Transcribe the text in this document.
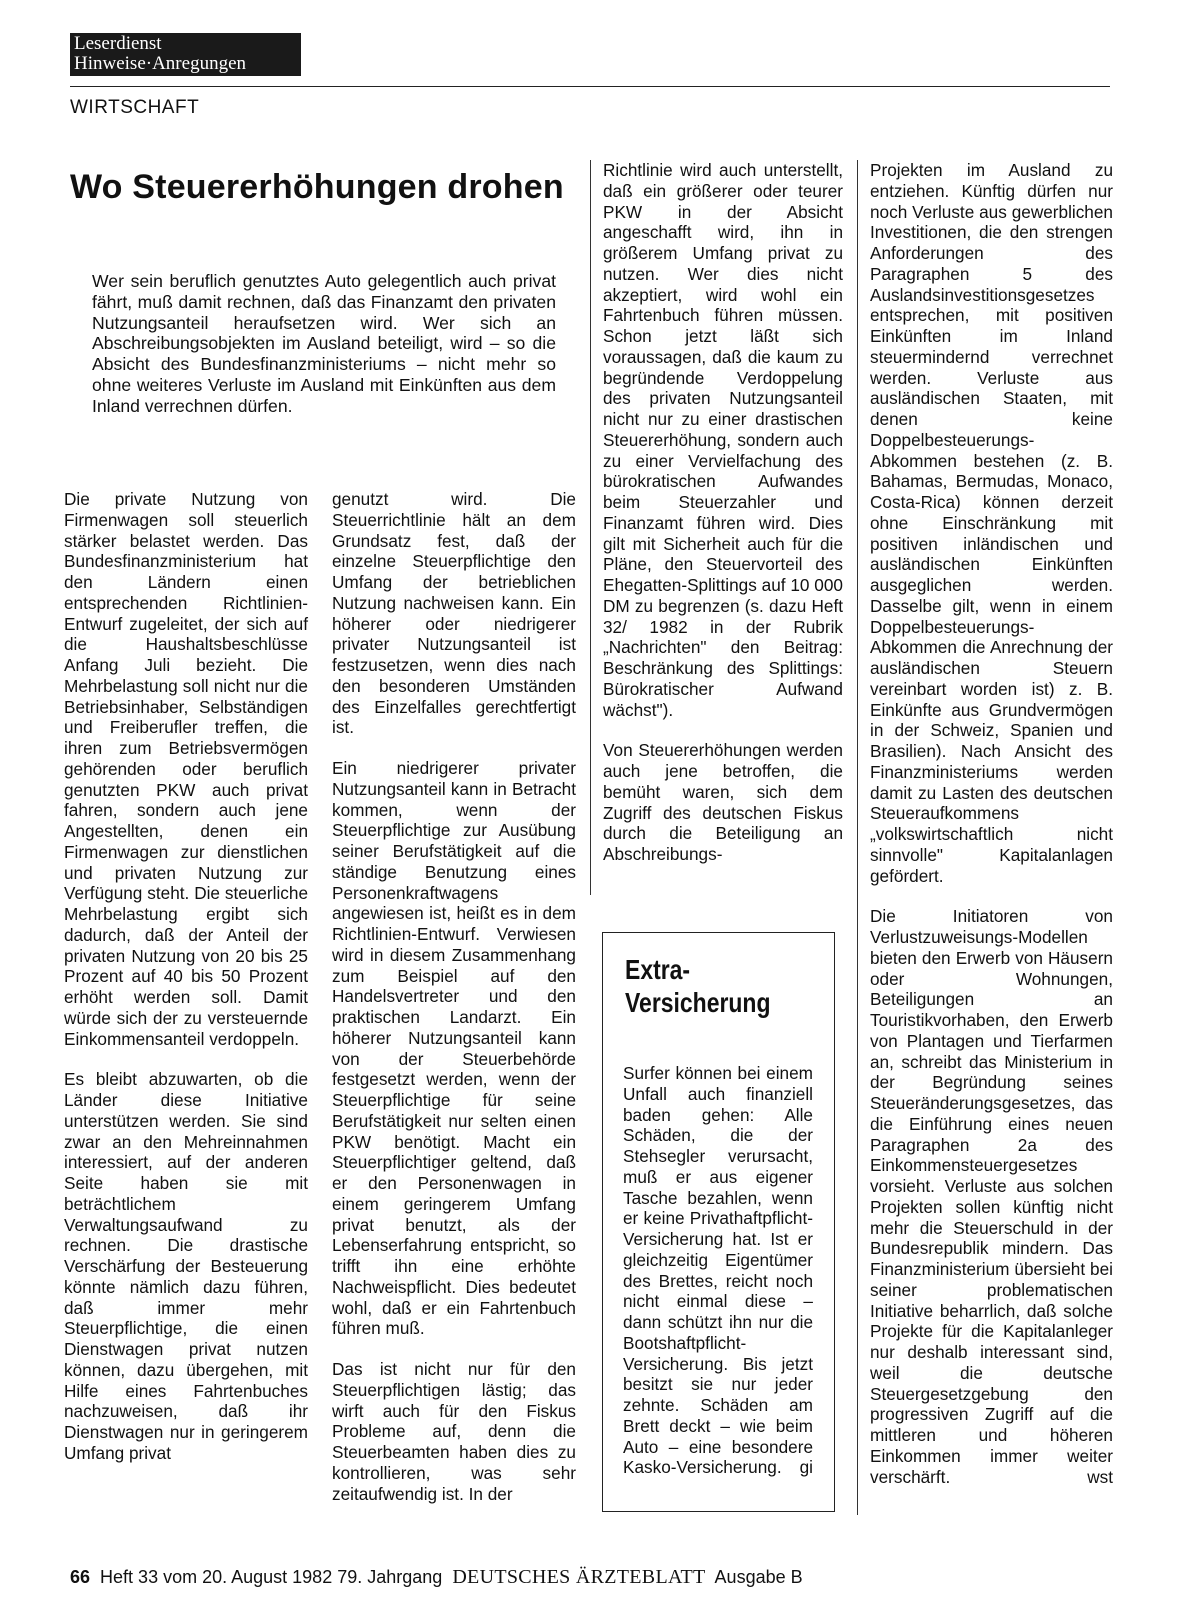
Leserdienst
Hinweise·Anregungen
WIRTSCHAFT
Wo Steuererhöhungen drohen
Wer sein beruflich genutztes Auto gelegentlich auch privat fährt, muß damit rechnen, daß das Finanzamt den privaten Nutzungsanteil heraufsetzen wird. Wer sich an Abschreibungsobjekten im Ausland beteiligt, wird – so die Absicht des Bundesfinanzministeriums – nicht mehr so ohne weiteres Verluste im Ausland mit Einkünften aus dem Inland verrechnen dürfen.

Die private Nutzung von Firmenwagen soll steuerlich stärker belastet werden. Das Bundesfinanzministerium hat den Ländern einen entsprechenden Richtlinien-Entwurf zugeleitet, der sich auf die Haushaltsbeschlüsse Anfang Juli bezieht. Die Mehrbelastung soll nicht nur die Betriebsinhaber, Selbständigen und Freiberufler treffen, die ihren zum Betriebsvermögen gehörenden oder beruflich genutzten PKW auch privat fahren, sondern auch jene Angestellten, denen ein Firmenwagen zur dienstlichen und privaten Nutzung zur Verfügung steht. Die steuerliche Mehrbelastung ergibt sich dadurch, daß der Anteil der privaten Nutzung von 20 bis 25 Prozent auf 40 bis 50 Prozent erhöht werden soll. Damit würde sich der zu versteuernde Einkommensanteil verdoppeln.

Es bleibt abzuwarten, ob die Länder diese Initiative unterstützen werden. Sie sind zwar an den Mehreinnahmen interessiert, auf der anderen Seite haben sie mit beträchtlichem Verwaltungsaufwand zu rechnen. Die drastische Verschärfung der Besteuerung könnte nämlich dazu führen, daß immer mehr Steuerpflichtige, die einen Dienstwagen privat nutzen können, dazu übergehen, mit Hilfe eines Fahrtenbuches nachzuweisen, daß ihr Dienstwagen nur in geringerem Umfang privat

genutzt wird. Die Steuerrichtlinie hält an dem Grundsatz fest, daß der einzelne Steuerpflichtige den Umfang der betrieblichen Nutzung nachweisen kann. Ein höherer oder niedrigerer privater Nutzungsanteil ist festzusetzen, wenn dies nach den besonderen Umständen des Einzelfalles gerechtfertigt ist.

Ein niedrigerer privater Nutzungsanteil kann in Betracht kommen, wenn der Steuerpflichtige zur Ausübung seiner Berufstätigkeit auf die ständige Benutzung eines Personenkraftwagens angewiesen ist, heißt es in dem Richtlinien-Entwurf. Verwiesen wird in diesem Zusammenhang zum Beispiel auf den Handelsvertreter und den praktischen Landarzt. Ein höherer Nutzungsanteil kann von der Steuerbehörde festgesetzt werden, wenn der Steuerpflichtige für seine Berufstätigkeit nur selten einen PKW benötigt. Macht ein Steuerpflichtiger geltend, daß er den Personenwagen in einem geringerem Umfang privat benutzt, als der Lebenserfahrung entspricht, so trifft ihn eine erhöhte Nachweispflicht. Dies bedeutet wohl, daß er ein Fahrtenbuch führen muß.

Das ist nicht nur für den Steuerpflichtigen lästig; das wirft auch für den Fiskus Probleme auf, denn die Steuerbeamten haben dies zu kontrollieren, was sehr zeitaufwendig ist. In der

Richtlinie wird auch unterstellt, daß ein größerer oder teurer PKW in der Absicht angeschafft wird, ihn in größerem Umfang privat zu nutzen. Wer dies nicht akzeptiert, wird wohl ein Fahrtenbuch führen müssen. Schon jetzt läßt sich voraussagen, daß die kaum zu begründende Verdoppelung des privaten Nutzungsanteil nicht nur zu einer drastischen Steuererhöhung, sondern auch zu einer Vervielfachung des bürokratischen Aufwandes beim Steuerzahler und Finanzamt führen wird. Dies gilt mit Sicherheit auch für die Pläne, den Steuervorteil des Ehegatten-Splittings auf 10 000 DM zu begrenzen (s. dazu Heft 32/ 1982 in der Rubrik „Nachrichten" den Beitrag: Beschränkung des Splittings: Bürokratischer Aufwand wächst").

Von Steuererhöhungen werden auch jene betroffen, die bemüht waren, sich dem Zugriff des deutschen Fiskus durch die Beteiligung an Abschreibungs-

Projekten im Ausland zu entziehen. Künftig dürfen nur noch Verluste aus gewerblichen Investitionen, die den strengen Anforderungen des Paragraphen 5 des Auslandsinvestitionsgesetzes entsprechen, mit positiven Einkünften im Inland steuermindernd verrechnet werden. Verluste aus ausländischen Staaten, mit denen keine Doppelbesteuerungs-Abkommen bestehen (z. B. Bahamas, Bermudas, Monaco, Costa-Rica) können derzeit ohne Einschränkung mit positiven inländischen und ausländischen Einkünften ausgeglichen werden. Dasselbe gilt, wenn in einem Doppelbesteuerungs-Abkommen die Anrechnung der ausländischen Steuern vereinbart worden ist) z. B. Einkünfte aus Grundvermögen in der Schweiz, Spanien und Brasilien). Nach Ansicht des Finanzministeriums werden damit zu Lasten des deutschen Steueraufkommens „volkswirtschaftlich nicht sinnvolle" Kapitalanlagen gefördert.

Die Initiatoren von Verlustzuweisungs-Modellen bieten den Erwerb von Häusern oder Wohnungen, Beteiligungen an Touristikvorhaben, den Erwerb von Plantagen und Tierfarmen an, schreibt das Ministerium in der Begründung seines Steueränderungsgesetzes, das die Einführung eines neuen Paragraphen 2a des Einkommensteuergesetzes vorsieht. Verluste aus solchen Projekten sollen künftig nicht mehr die Steuerschuld in der Bundesrepublik mindern. Das Finanzministerium übersieht bei seiner problematischen Initiative beharrlich, daß solche Projekte für die Kapitalanleger nur deshalb interessant sind, weil die deutsche Steuergesetzgebung den progressiven Zugriff auf die mittleren und höheren Einkommen immer weiter verschärft.	wst

Extra-
Versicherung
Surfer können bei einem Unfall auch finanziell baden gehen: Alle Schäden, die der Stehsegler verursacht, muß er aus eigener Tasche bezahlen, wenn er keine Privathaftpflicht-Versicherung hat. Ist er gleichzeitig Eigentümer des Brettes, reicht noch nicht einmal diese – dann schützt ihn nur die Bootshaftpflicht-Versicherung. Bis jetzt besitzt sie nur jeder zehnte. Schäden am Brett deckt – wie beim Auto – eine besondere Kasko-Versicherung. gi
66 Heft 33 vom 20. August 1982 79. Jahrgang DEUTSCHES ÄRZTEBLATT Ausgabe B
